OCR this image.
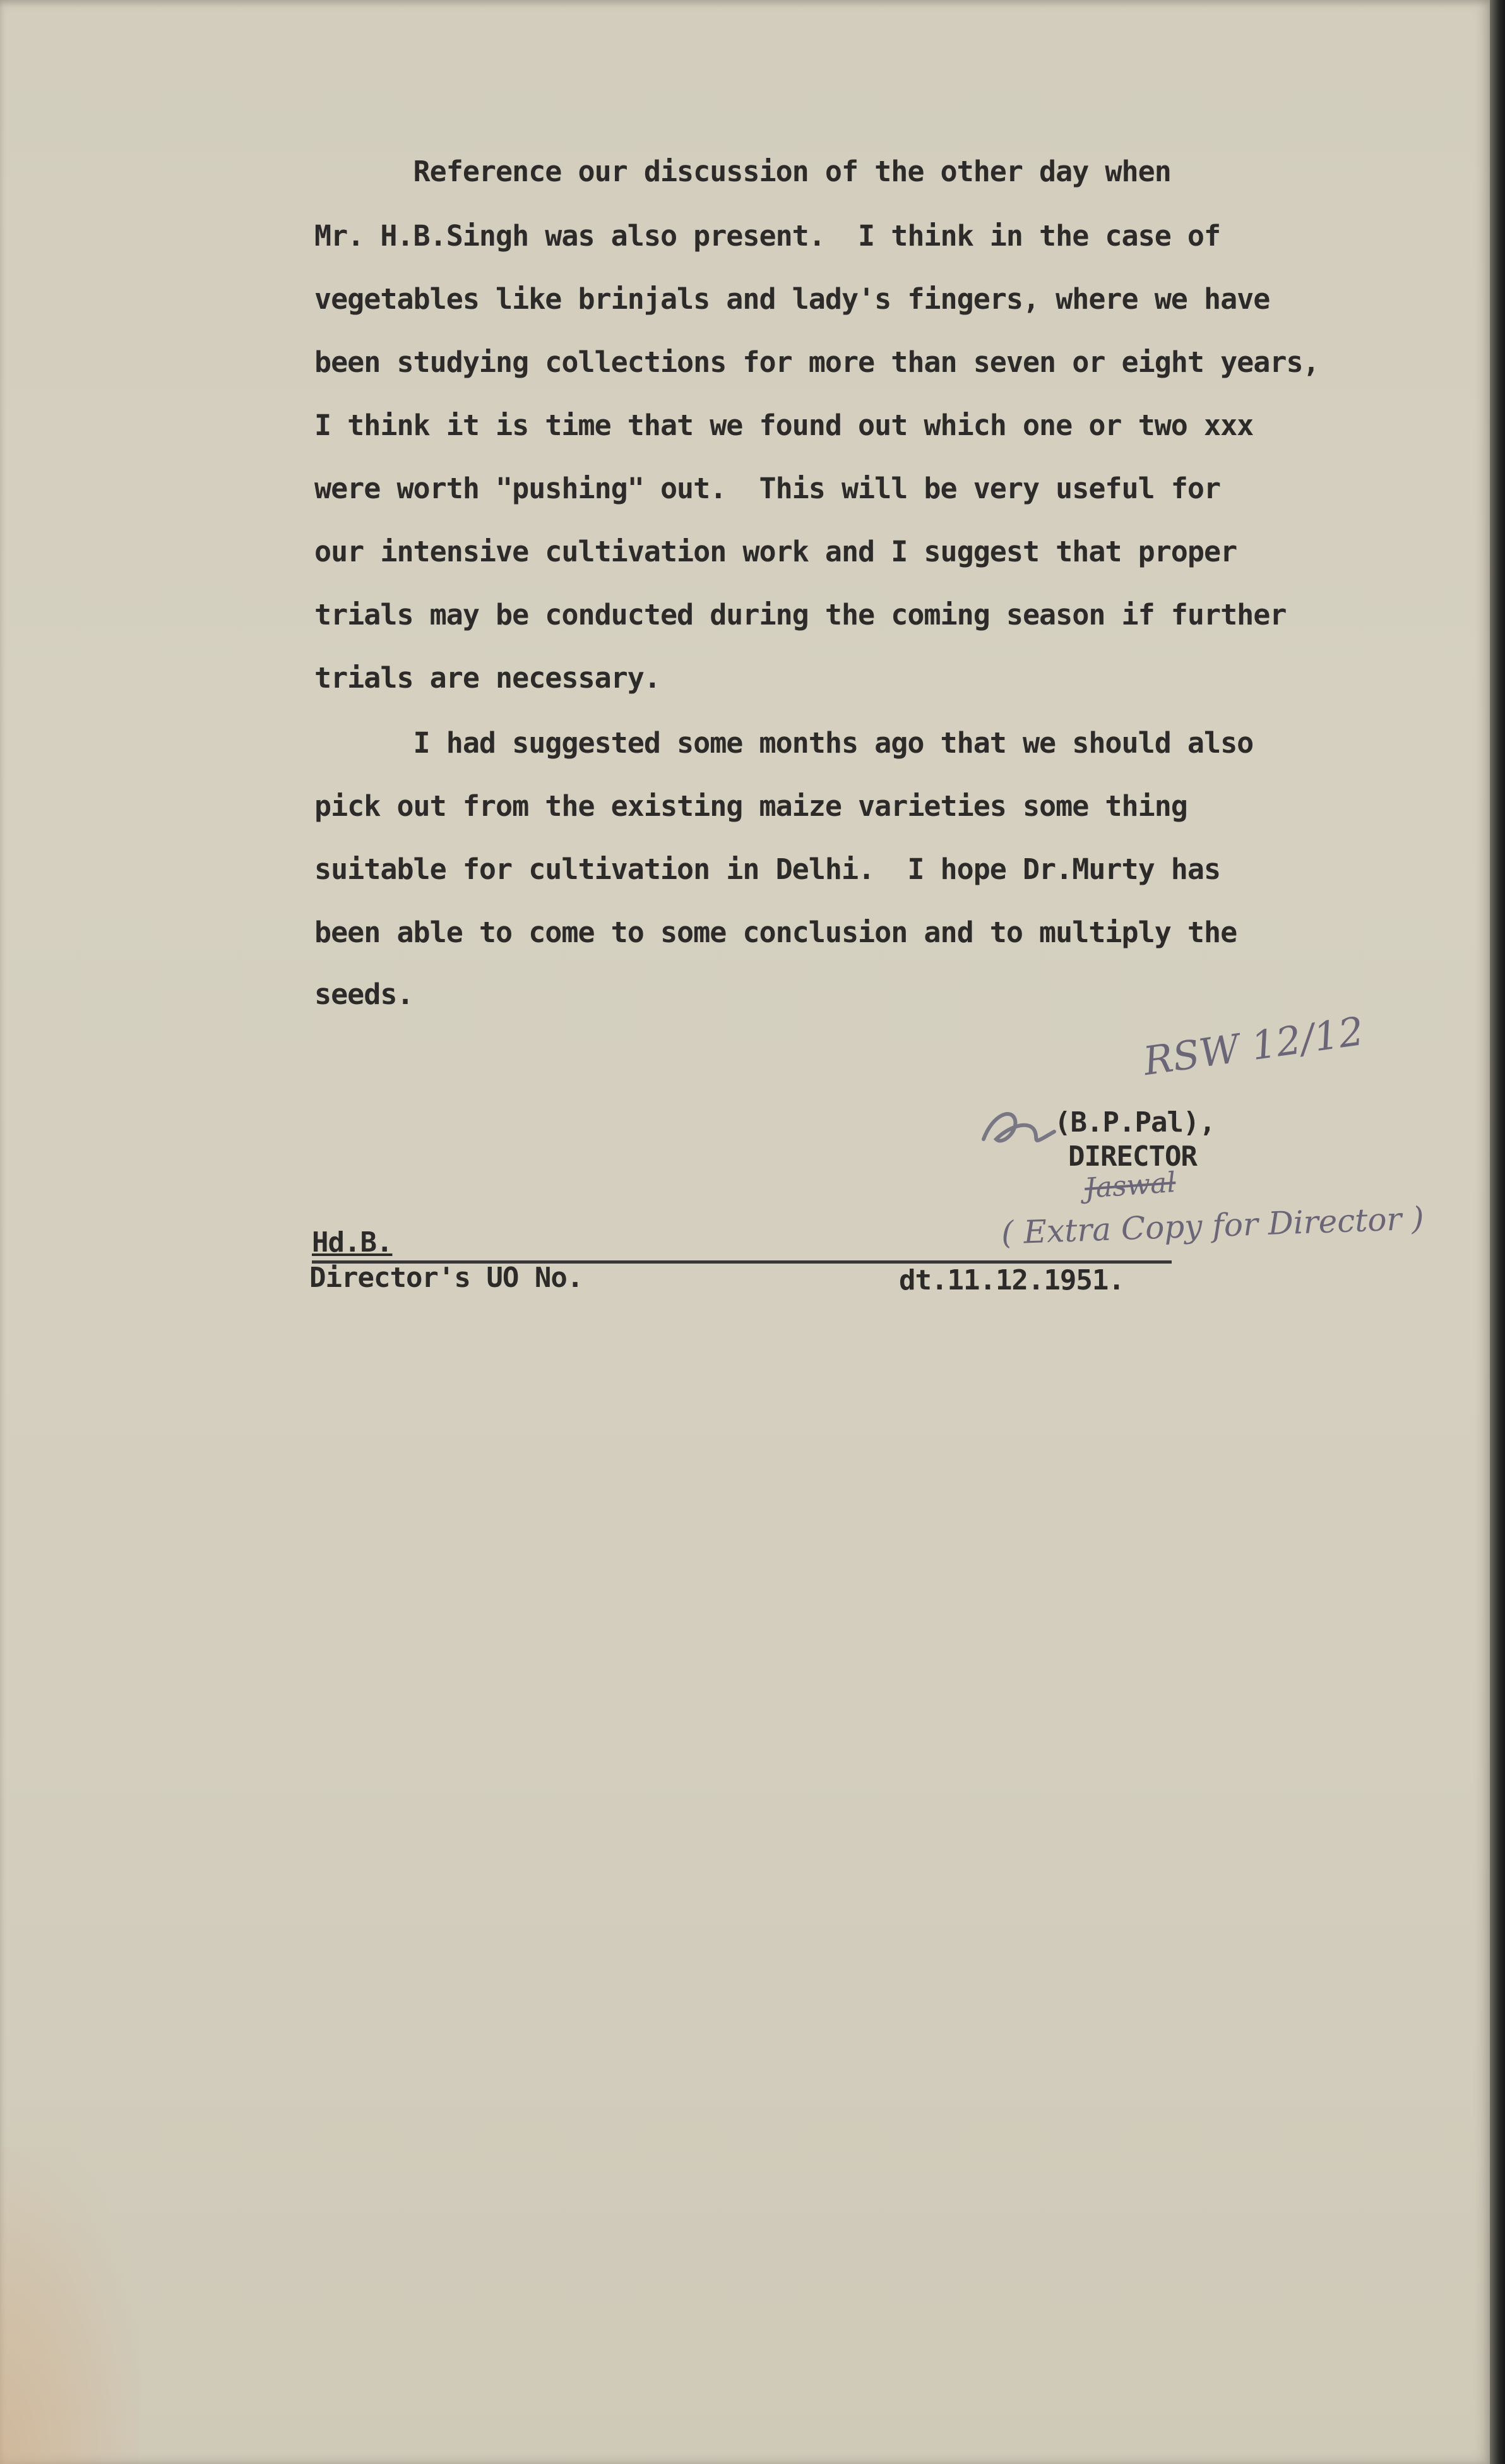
Reference our discussion of the other day when
Mr. H.B.Singh was also present.  I think in the case of
vegetables like brinjals and lady's fingers, where we have
been studying collections for more than seven or eight years,
I think it is time that we found out which one or two xxx
were worth "pushing" out.  This will be very useful for
our intensive cultivation work and I suggest that proper
trials may be conducted during the coming season if further
trials are necessary.
I had suggested some months ago that we should also
pick out from the existing maize varieties some thing
suitable for cultivation in Delhi.  I hope Dr.Murty has
been able to come to some conclusion and to multiply the
seeds.
RSW 12/12
(B.P.Pal),
DIRECTOR
Jaswal
( Extra Copy for Director )
Hd.B.
Director's UO No.	dt.11.12.1951.
